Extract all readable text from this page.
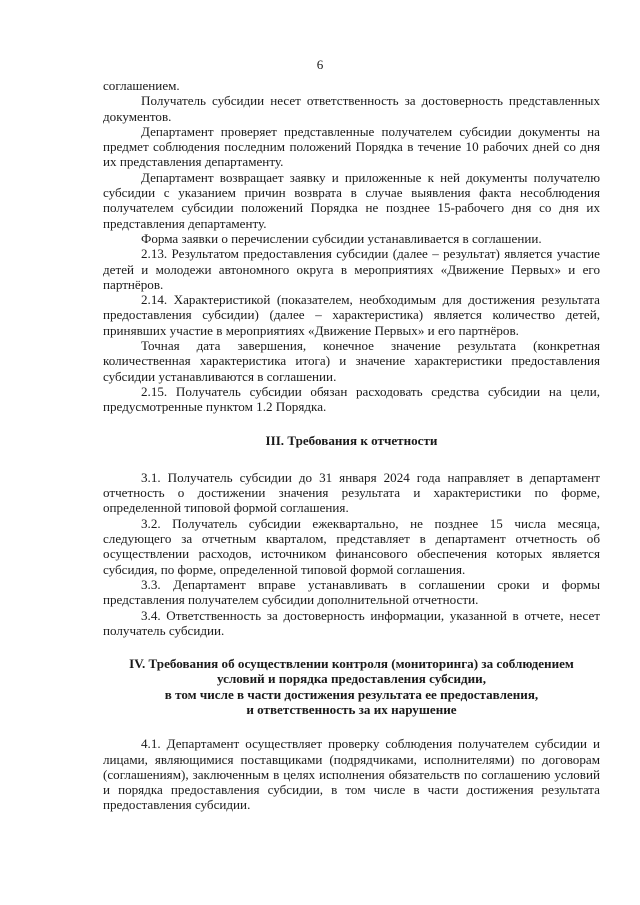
6

соглашением.

Получатель субсидии несет ответственность за достоверность представленных документов.

Департамент проверяет представленные получателем субсидии документы на предмет соблюдения последним положений Порядка в течение 10 рабочих дней со дня их представления департаменту.

Департамент возвращает заявку и приложенные к ней документы получателю субсидии с указанием причин возврата в случае выявления факта несоблюдения получателем субсидии положений Порядка не позднее 15-рабочего дня со дня их представления департаменту.

Форма заявки о перечислении субсидии устанавливается в соглашении.

2.13. Результатом предоставления субсидии (далее – результат) является участие детей и молодежи автономного округа в мероприятиях «Движение Первых» и его партнёров.

2.14. Характеристикой (показателем, необходимым для достижения результата предоставления субсидии) (далее – характеристика) является количество детей, принявших участие в мероприятиях «Движение Первых» и его партнёров.

Точная дата завершения, конечное значение результата (конкретная количественная характеристика итога) и значение характеристики предоставления субсидии устанавливаются в соглашении.

2.15. Получатель субсидии обязан расходовать средства субсидии на цели, предусмотренные пунктом 1.2 Порядка.

III. Требования к отчетности

3.1. Получатель субсидии до 31 января 2024 года направляет в департамент отчетность о достижении значения результата и характеристики по форме, определенной типовой формой соглашения.

3.2. Получатель субсидии ежеквартально, не позднее 15 числа месяца, следующего за отчетным кварталом, представляет в департамент отчетность об осуществлении расходов, источником финансового обеспечения которых является субсидия, по форме, определенной типовой формой соглашения.

3.3. Департамент вправе устанавливать в соглашении сроки и формы представления получателем субсидии дополнительной отчетности.

3.4. Ответственность за достоверность информации, указанной в отчете, несет получатель субсидии.

IV. Требования об осуществлении контроля (мониторинга) за соблюдением
условий и порядка предоставления субсидии,
в том числе в части достижения результата ее предоставления,
и ответственность за их нарушение

4.1. Департамент осуществляет проверку соблюдения получателем субсидии и лицами, являющимися поставщиками (подрядчиками, исполнителями) по договорам (соглашениям), заключенным в целях исполнения обязательств по соглашению условий и порядка предоставления субсидии, в том числе в части достижения результата предоставления субсидии.
